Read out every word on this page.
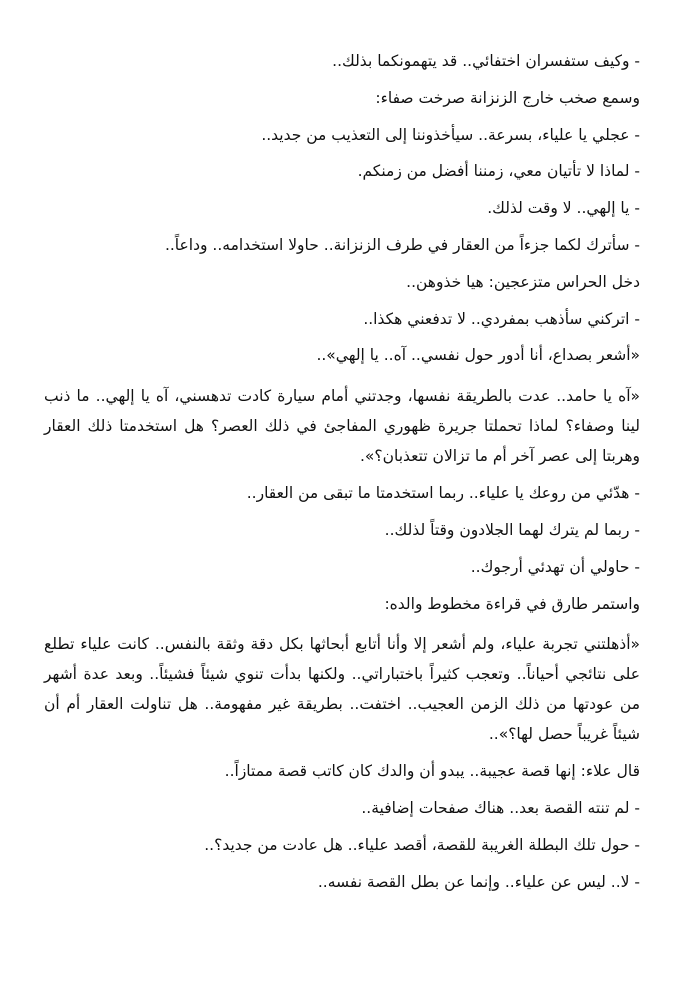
- وكيف ستفسران اختفائي.. قد يتهمونكما بذلك..

وسمع صخب خارج الزنزانة صرخت صفاء:

- عجلي يا علياء، بسرعة.. سيأخذوننا إلى التعذيب من جديد..

- لماذا لا تأتيان معي، زمننا أفضل من زمنكم.

- يا إلهي.. لا وقت لذلك.

- سأترك لكما جزءاً من العقار في طرف الزنزانة.. حاولا استخدامه.. وداعاً..

دخل الحراس متزعجين: هيا خذوهن..

- اتركني سأذهب بمفردي.. لا تدفعني هكذا..

«أشعر بصداع، أنا أدور حول نفسي.. آه.. يا إلهي»..

«آه يا حامد.. عدت بالطريقة نفسها، وجدتني أمام سيارة كادت تدهسني، آه يا إلهي.. ما ذنب لينا وصفاء؟ لماذا تحملتا جريرة ظهوري المفاجئ في ذلك العصر؟ هل استخدمتا ذلك العقار وهربتا إلى عصر آخر أم ما تزالان تتعذبان؟».

- هدّئي من روعك يا علياء.. ربما استخدمتا ما تبقى من العقار..

- ربما لم يترك لهما الجلادون وقتاً لذلك..

- حاولي أن تهدئي أرجوك..

واستمر طارق في قراءة مخطوط والده:

«أذهلتني تجربة علياء، ولم أشعر إلا وأنا أتابع أبحاثها بكل دقة وثقة بالنفس.. كانت علياء تطلع على نتائجي أحياناً.. وتعجب كثيراً باختباراتي.. ولكنها بدأت تنوي شيئاً فشيئاً.. وبعد عدة أشهر من عودتها من ذلك الزمن العجيب.. اختفت.. بطريقة غير مفهومة.. هل تناولت العقار أم أن شيئاً غريباً حصل لها؟»..

قال علاء: إنها قصة عجيبة.. يبدو أن والدك كان كاتب قصة ممتازاً..

- لم تنته القصة بعد.. هناك صفحات إضافية..

- حول تلك البطلة الغريبة للقصة، أقصد علياء.. هل عادت من جديد؟..

- لا.. ليس عن علياء.. وإنما عن بطل القصة نفسه..
